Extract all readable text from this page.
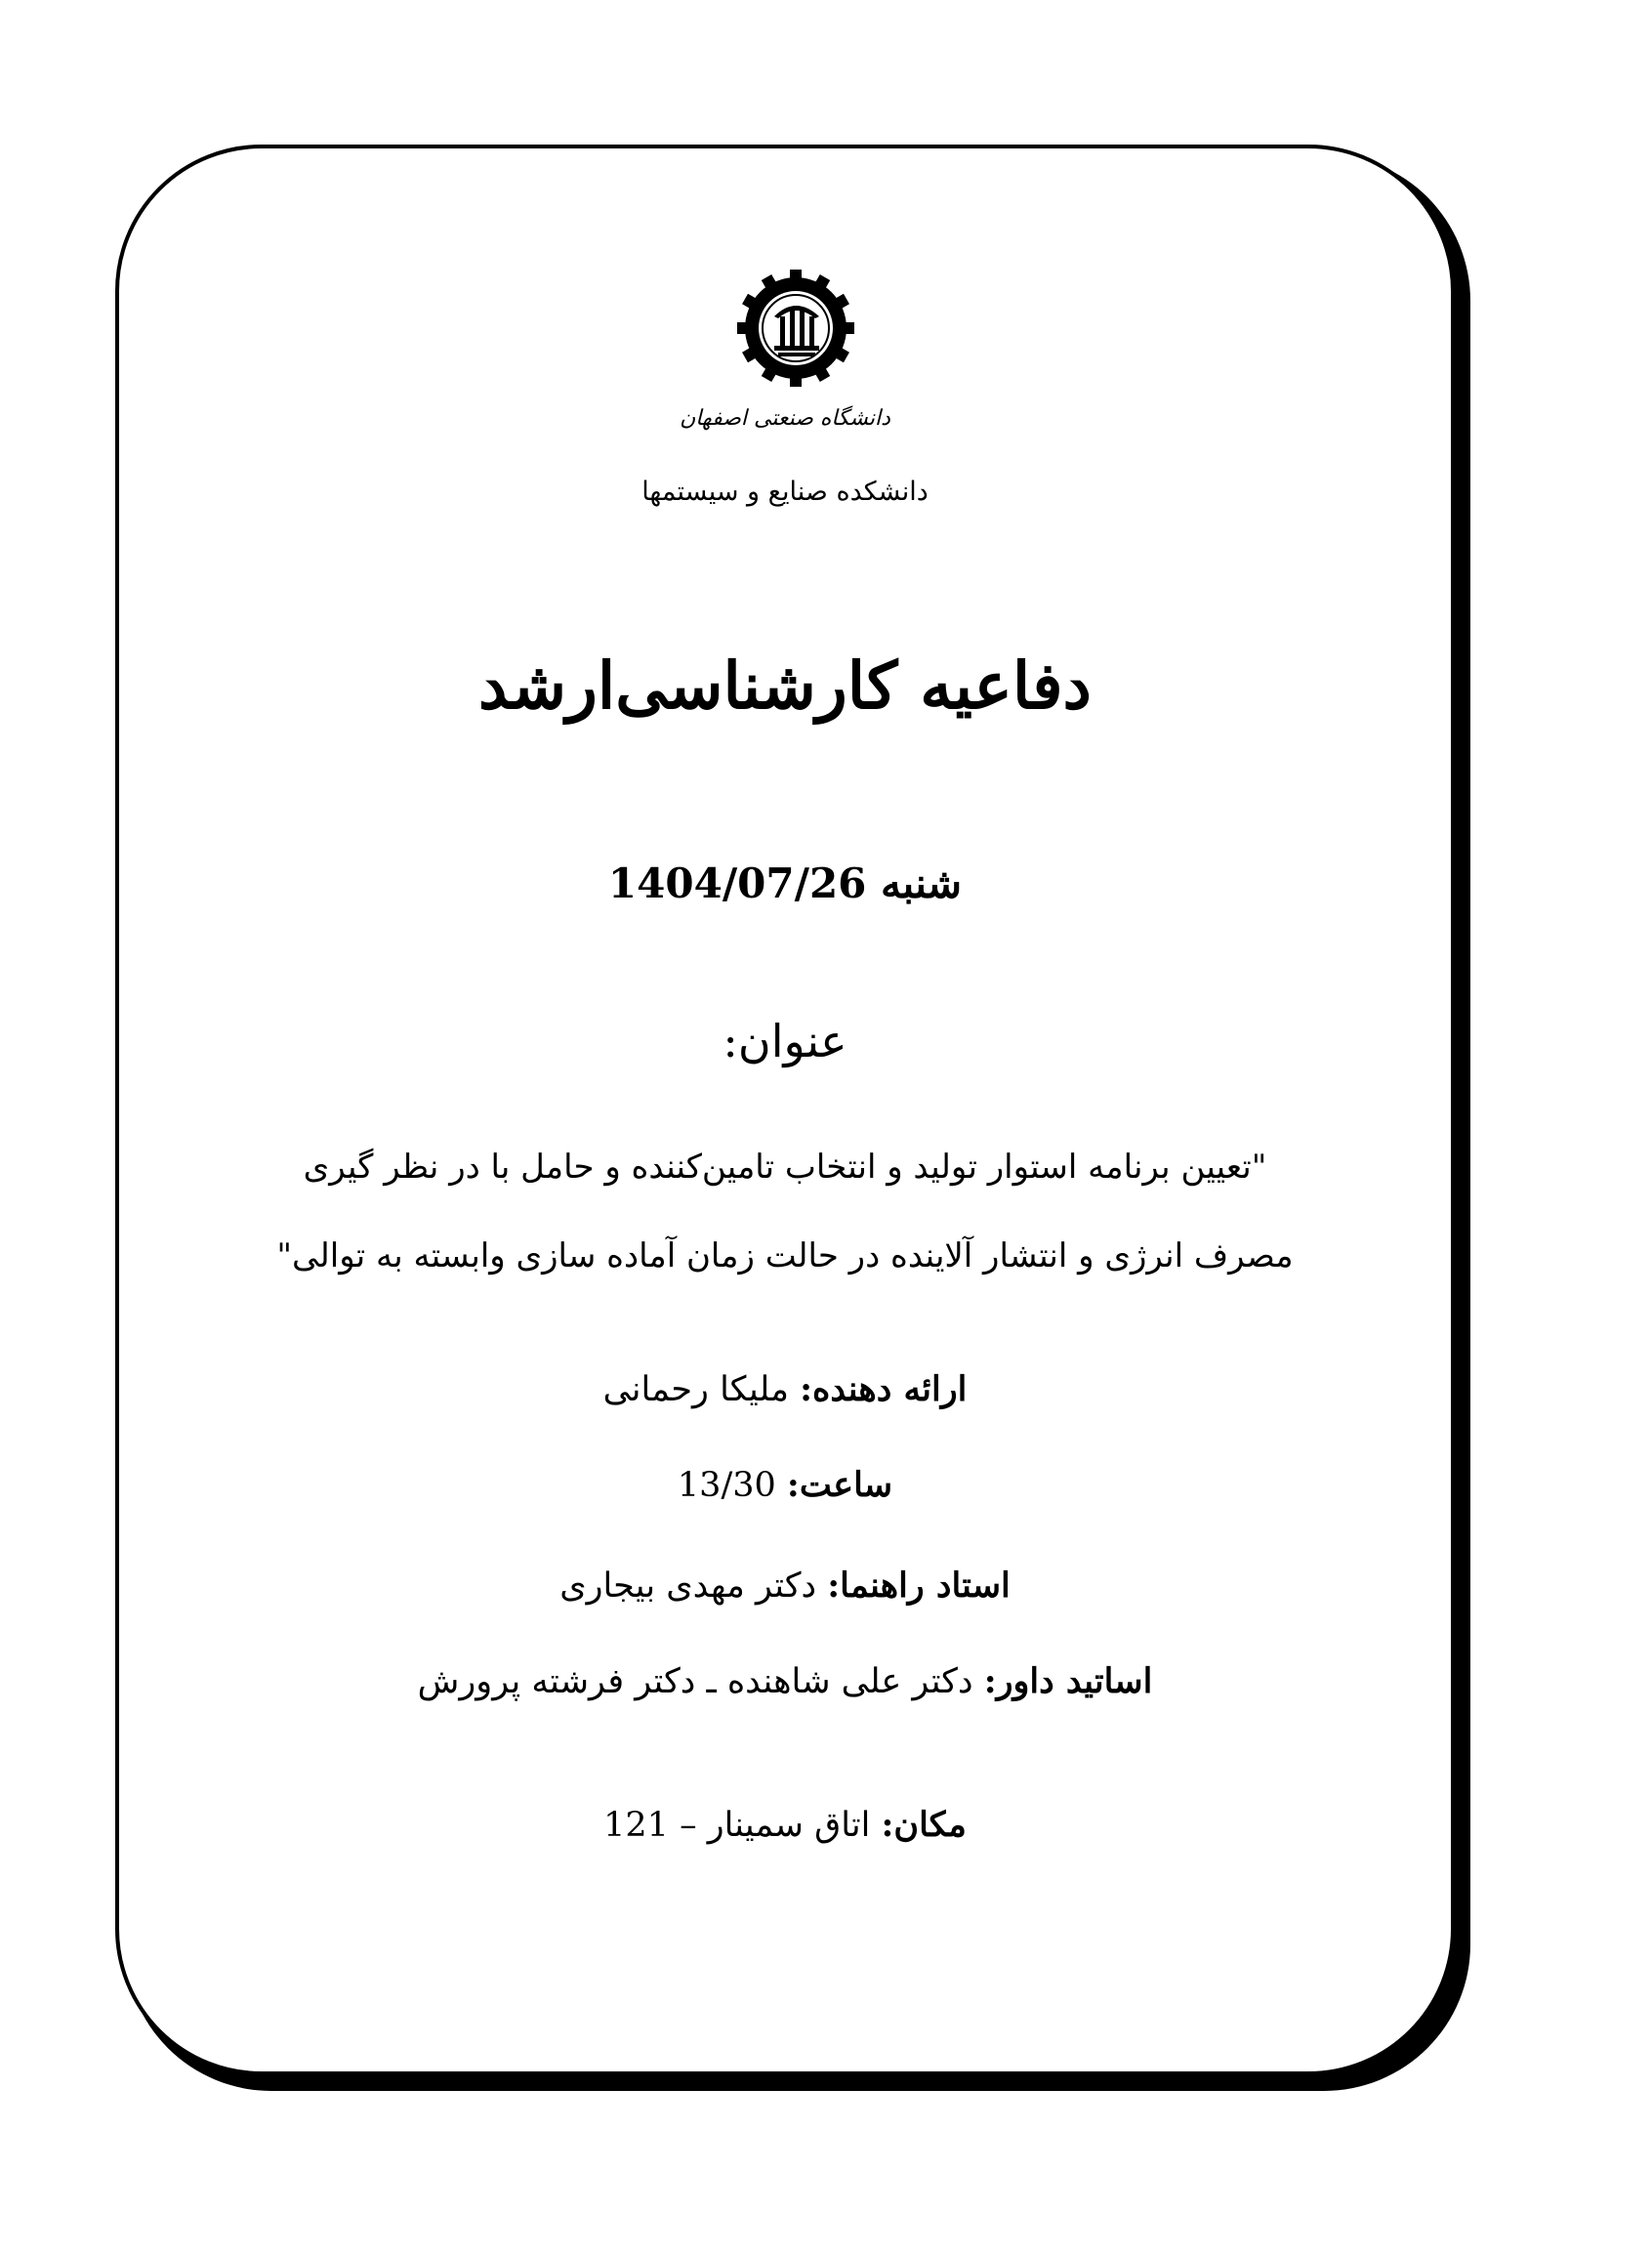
دانشگاه صنعتی اصفهان
دانشکده صنایع و سیستمها
دفاعیه کارشناسی‌ارشد
شنبه 1404/07/26
عنوان:
"تعیین برنامه استوار تولید و انتخاب تامین‌کننده و حامل با در نظر گیری
مصرف انرژی و انتشار آلاینده در حالت زمان آماده سازی وابسته به توالی"
ارائه دهنده: ملیکا رحمانی
ساعت: 13/30
استاد راهنما: دکتر مهدی بیجاری
اساتید داور: دکتر علی شاهنده ـ دکتر فرشته پرورش
مکان: اتاق سمینار – 121
